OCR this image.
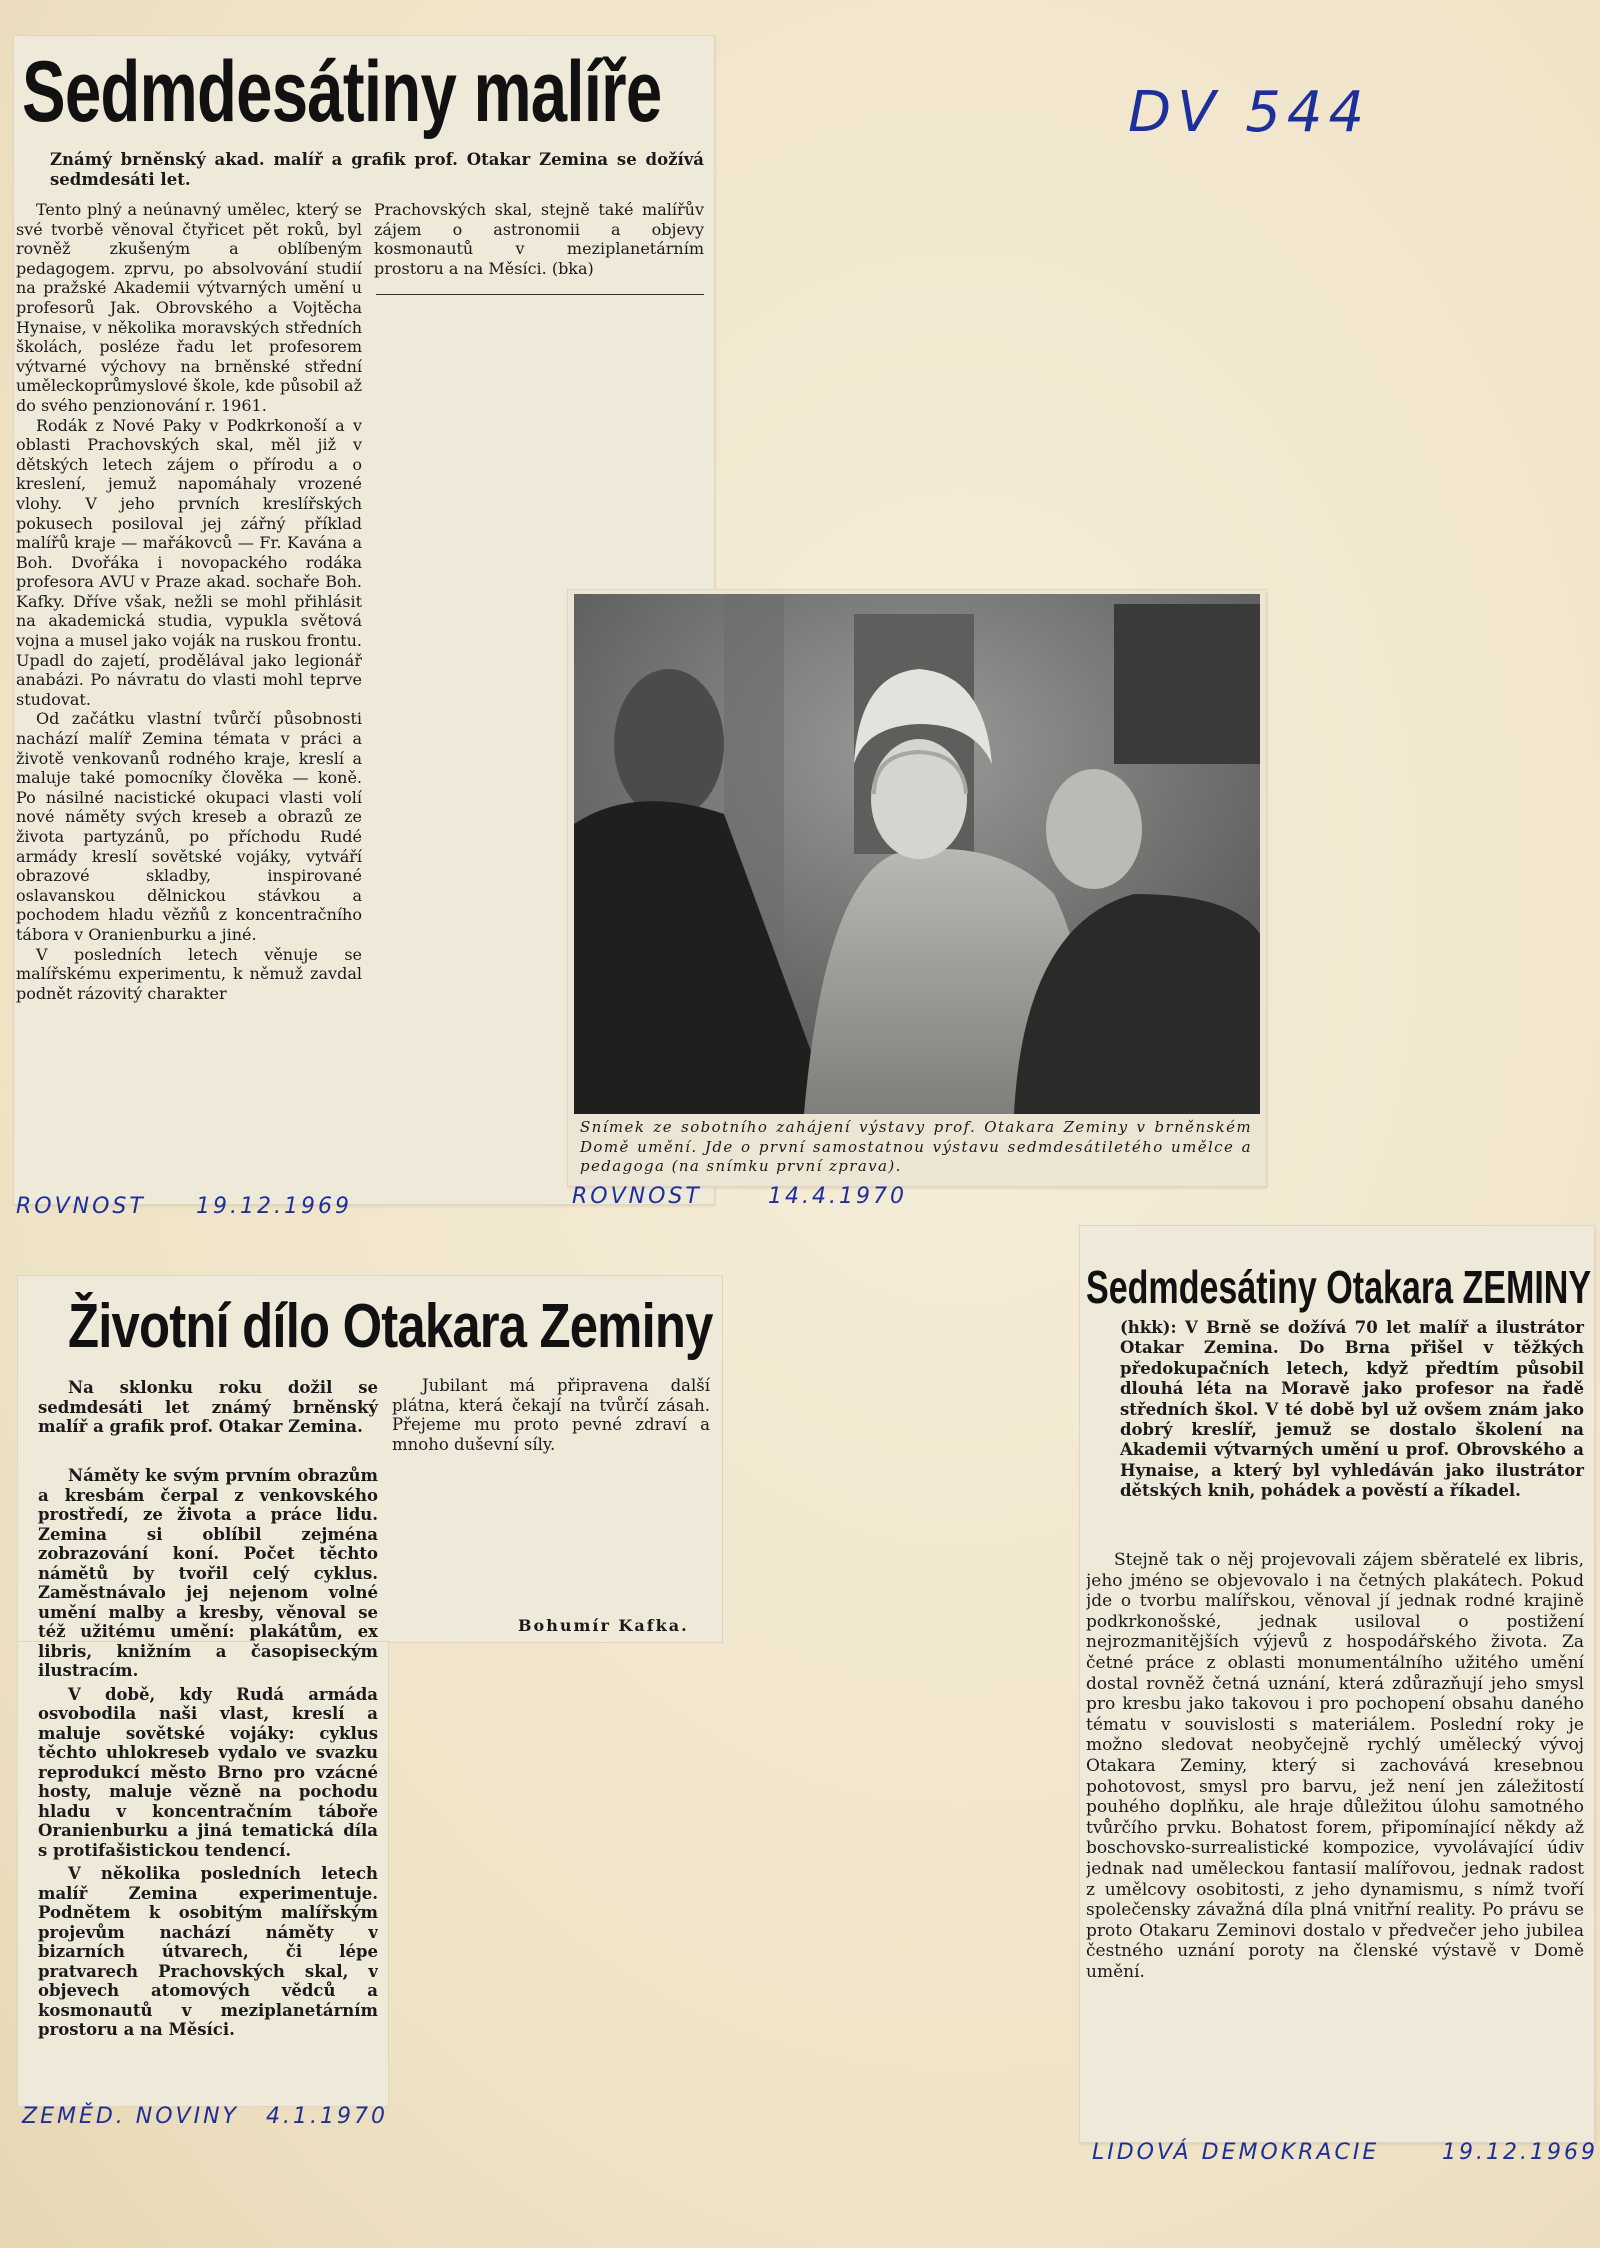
DV 544
Sedmdesátiny malíře
Známý brněnský akad. malíř a grafik prof. Otakar Zemina se dožívá sedmdesáti let.

Tento plný a neúnavný umělec, který se své tvorbě věnoval čtyřicet pět roků, byl rovněž zkušeným a oblíbeným pedagogem. zprvu, po absolvování studií na pražské Akademii výtvarných umění u profesorů Jak. Obrovského a Vojtěcha Hynaise, v několika moravských středních školách, posléze řadu let profesorem výtvarné výchovy na brněnské střední uměleckoprůmyslové škole, kde působil až do svého penzionování r. 1961.

Rodák z Nové Paky v Podkrkonoší a v oblasti Prachovských skal, měl již v dětských letech zájem o přírodu a o kreslení, jemuž napomáhaly vrozené vlohy. V jeho prvních kreslířských pokusech posiloval jej zářný příklad malířů kraje — mařákovců — Fr. Kavána a Boh. Dvořáka i novopackého rodáka profesora AVU v Praze akad. sochaře Boh. Kafky. Dříve však, nežli se mohl přihlásit na akademická studia, vypukla světová vojna a musel jako voják na ruskou frontu. Upadl do zajetí, prodělával jako legionář anabázi. Po návratu do vlasti mohl teprve studovat.

Od začátku vlastní tvůrčí působnosti nachází malíř Zemina témata v práci a životě venkovanů rodného kraje, kreslí a maluje také pomocníky člověka — koně. Po násilné nacistické okupaci vlasti volí nové náměty svých kreseb a obrazů ze života partyzánů, po příchodu Rudé armády kreslí sovětské vojáky, vytváří obrazové skladby, inspirované oslavanskou dělnickou stávkou a pochodem hladu vězňů z koncentračního tábora v Oranienburku a jiné.

V posledních letech věnuje se malířskému experimentu, k němuž zavdal podnět rázovitý charakter

Prachovských skal, stejně také malířův zájem o astronomii a objevy kosmonautů v meziplanetárním prostoru a na Měsíci. (bka)
ROVNOST 19.12.1969
Snímek ze sobotního zahájení výstavy prof. Otakara Zeminy v brněnském Domě umění. Jde o první samostatnou výstavu sedmdesátiletého umělce a pedagoga (na snímku první zprava).
ROVNOST	14.4.1970
Životní dílo Otakara Zeminy
Na sklonku roku dožil se sedmdesáti let známý brněnský malíř a grafik prof. Otakar Zemina.

Náměty ke svým prvním obrazům a kresbám čerpal z venkovského prostředí, ze života a práce lidu. Zemina si oblíbil zejména zobrazování koní. Počet těchto námětů by tvořil celý cyklus. Zaměstnávalo jej nejenom volné umění malby a kresby, věnoval se též užitému umění: plakátům, ex libris, knižním a časopiseckým ilustracím.

V době, kdy Rudá armáda osvobodila naši vlast, kreslí a maluje sovětské vojáky: cyklus těchto uhlokreseb vydalo ve svazku reprodukcí město Brno pro vzácné hosty, maluje vězně na pochodu hladu v koncentračním táboře Oranienburku a jiná tematická díla s protifašistickou tendencí.

V několika posledních letech malíř Zemina experimentuje. Podnětem k osobitým malířským projevům nachází náměty v bizarních útvarech, či lépe pratvarech Prachovských skal, v objevech atomových vědců a kosmonautů v meziplanetárním prostoru a na Měsíci.

Jubilant má připravena další plátna, která čekají na tvůrčí zásah. Přejeme mu proto pevné zdraví a mnoho duševní síly.

Bohumír Kafka.
ZEMĚD. NOVINY 4.1.1970
Sedmdesátiny Otakara ZEMINY
(hkk): V Brně se dožívá 70 let malíř a ilustrátor Otakar Zemina. Do Brna přišel v těžkých předokupačních letech, když předtím působil dlouhá léta na Moravě jako profesor na řadě středních škol. V té době byl už ovšem znám jako dobrý kreslíř, jemuž se dostalo školení na Akademii výtvarných umění u prof. Obrovského a Hynaise, a který byl vyhledáván jako ilustrátor dětských knih, pohádek a pověstí a říkadel.
Stejně tak o něj projevovali zájem sběratelé ex libris, jeho jméno se objevovalo i na četných plakátech. Pokud jde o tvorbu malířskou, věnoval jí jednak rodné krajině podkrkonošské, jednak usiloval o postižení nejrozmanitějších výjevů z hospodářského života. Za četné práce z oblasti monumentálního užitého umění dostal rovněž četná uznání, která zdůrazňují jeho smysl pro kresbu jako takovou i pro pochopení obsahu daného tématu v souvislosti s materiálem. Poslední roky je možno sledovat neobyčejně rychlý umělecký vývoj Otakara Zeminy, který si zachovává kresebnou pohotovost, smysl pro barvu, jež není jen záležitostí pouhého doplňku, ale hraje důležitou úlohu samotného tvůrčího prvku. Bohatost forem, připomínající někdy až boschovsko-surrealistické kompozice, vyvolávající údiv jednak nad uměleckou fantasií malířovou, jednak radost z umělcovy osobitosti, z jeho dynamismu, s nímž tvoří společensky závažná díla plná vnitřní reality. Po právu se proto Otakaru Zeminovi dostalo v předvečer jeho jubilea čestného uznání poroty na členské výstavě v Domě umění.
LIDOVÁ DEMOKRACIE	19.12.1969
